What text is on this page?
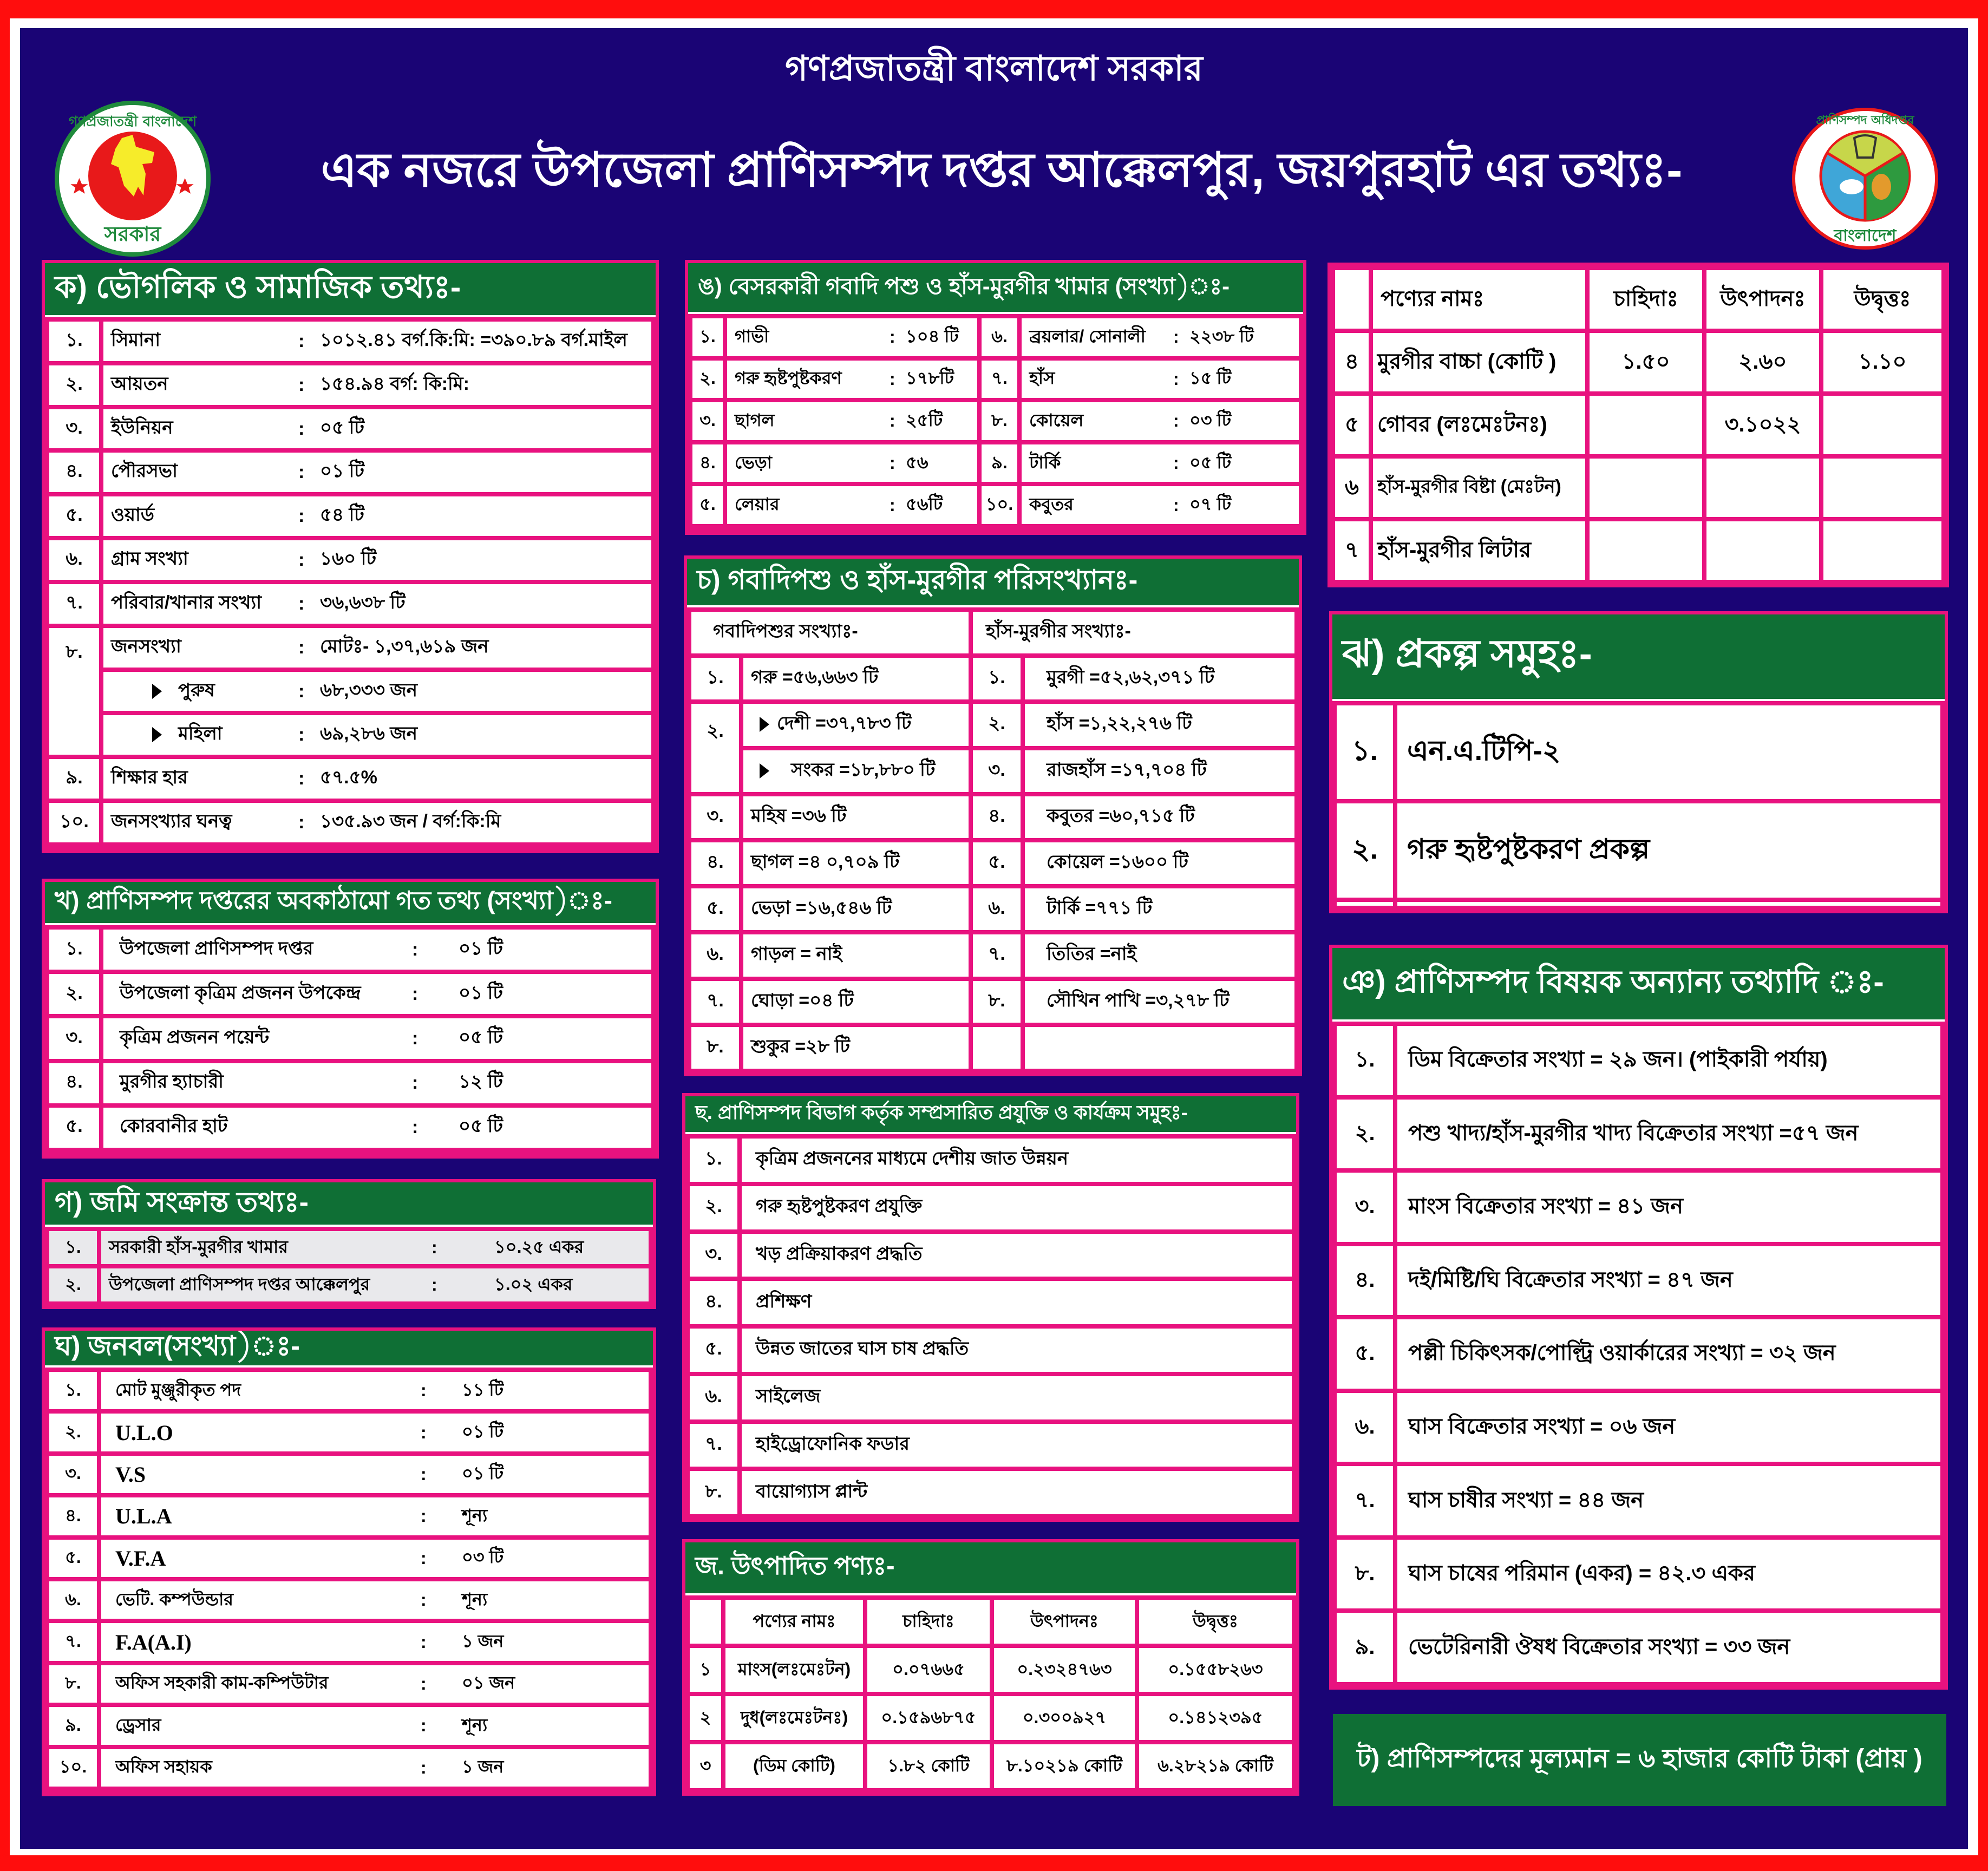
গণপ্রজাতন্ত্রী বাংলাদেশ সরকার
এক নজরে উপজেলা প্রাণিসম্পদ দপ্তর আক্কেলপুর, জয়পুরহাট এর তথ্যঃ-
সরকার
গণপ্রজাতন্ত্রী বাংলাদেশ	প্রাণিসম্পদ অধিদপ্তর
বাংলাদেশ
ক) ভৌগলিক ও সামাজিক তথ্যঃ-
১.	সিমানা	:	১০১২.৪১ বর্গ.কি:মি: =৩৯০.৮৯ বর্গ.মাইল
২.	আয়তন	:	১৫৪.৯৪ বর্গ: কি:মি:
৩.	ইউনিয়ন	:	০৫ টি
৪.	পৌরসভা	:	০১ টি
৫.	ওয়ার্ড	:	৫৪ টি
৬.	গ্রাম সংখ্যা	:	১৬০ টি
৭.	পরিবার/খানার সংখ্যা	:	৩৬,৬৩৮ টি
৮.	জনসংখ্যা	:	মোটঃ- ১,৩৭,৬১৯ জন
	পুরুষ	:	৬৮,৩৩৩ জন
	মহিলা	:	৬৯,২৮৬ জন
৯.	শিক্ষার হার	:	৫৭.৫%
১০.	জনসংখ্যার ঘনত্ব	:	১৩৫.৯৩ জন / বর্গ:কি:মি
খ) প্রাণিসম্পদ দপ্তরের অবকাঠামো গত তথ্য (সংখ্যা)ঃ-
১.	উপজেলা প্রাণিসম্পদ দপ্তর	:	০১ টি
২.	উপজেলা কৃত্রিম প্রজনন উপকেন্দ্র	:	০১ টি
৩.	কৃত্রিম প্রজনন পয়েন্ট	:	০৫ টি
৪.	মুরগীর হ্যাচারী	:	১২ টি
৫.	কোরবানীর হাট	:	০৫ টি
গ) জমি সংক্রান্ত তথ্যঃ-
১.	সরকারী হাঁস-মুরগীর খামার	:	১০.২৫ একর
২.	উপজেলা প্রাণিসম্পদ দপ্তর আক্কেলপুর	:	১.০২ একর
ঘ) জনবল(সংখ্যা)ঃ-
১.	মোট মুঞ্জুরীকৃত পদ	:	১১ টি
২.	U.L.O	:	০১ টি
৩.	V.S	:	০১ টি
৪.	U.L.A	:	শূন্য
৫.	V.F.A	:	০৩ টি
৬.	ভেটি. কম্পউন্ডার	:	শূন্য
৭.	F.A(A.I)	:	১ জন
৮.	অফিস সহকারী কাম-কম্পিউটার	:	০১ জন
৯.	ড্রেসার	:	শূন্য
১০.	অফিস সহায়ক	:	১ জন
ঙ) বেসরকারী গবাদি পশু ও হাঁস-মুরগীর খামার (সংখ্যা)ঃ-
১.	গাভী	:	১০৪ টি	৬.	ব্রয়লার/ সোনালী	:	২২৩৮ টি
২.	গরু হৃষ্টপুষ্টকরণ	:	১৭৮টি	৭.	হাঁস	:	১৫ টি
৩.	ছাগল	:	২৫টি	৮.	কোয়েল	:	০৩ টি
৪.	ভেড়া	:	৫৬	৯.	টার্কি	:	০৫ টি
৫.	লেয়ার	:	৫৬টি	১০.	কবুতর	:	০৭ টি
চ) গবাদিপশু ও হাঁস-মুরগীর পরিসংখ্যানঃ-
গবাদিপশুর সংখ্যাঃ-		হাঁস-মুরগীর সংখ্যাঃ-	
১.	গরু =৫৬,৬৬৩ টি	১.	মুরগী =৫২,৬২,৩৭১ টি
২.	দেশী =৩৭,৭৮৩ টি	২.	হাঁস =১,২২,২৭৬ টি
	সংকর =১৮,৮৮০ টি	৩.	রাজহাঁস =১৭,৭০৪ টি
৩.	মহিষ =৩৬ টি	৪.	কবুতর =৬০,৭১৫ টি
৪.	ছাগল =৪ ০,৭০৯ টি	৫.	কোয়েল =১৬০০ টি
৫.	ভেড়া =১৬,৫৪৬ টি	৬.	টার্কি =৭৭১ টি
৬.	গাড়ল = নাই	৭.	তিতির =নাই
৭.	ঘোড়া =০৪ টি	৮.	সৌখিন পাখি =৩,২৭৮ টি
৮.	শুকুর =২৮ টি		
ছ. প্রাণিসম্পদ বিভাগ কর্তৃক সম্প্রসারিত প্রযুক্তি ও কার্যক্রম সমুহঃ-
১.	কৃত্রিম প্রজননের মাধ্যমে দেশীয় জাত উন্নয়ন
২.	গরু হৃষ্টপুষ্টকরণ প্রযুক্তি
৩.	খড় প্রক্রিয়াকরণ প্রদ্ধতি
৪.	প্রশিক্ষণ
৫.	উন্নত জাতের ঘাস চাষ প্রদ্ধতি
৬.	সাইলেজ
৭.	হাইড্রোফোনিক ফডার
৮.	বায়োগ্যাস প্লান্ট
জ. উৎপাদিত পণ্যঃ-
	পণ্যের নামঃ	চাহিদাঃ	উৎপাদনঃ	উদ্বৃত্তঃ
১	মাংস(লঃমেঃটন)	০.০৭৬৬৫	০.২৩২৪৭৬৩	০.১৫৫৮২৬৩
২	দুধ(লঃমেঃটনঃ)	০.১৫৯৬৮৭৫	০.৩০০৯২৭	০.১৪১২৩৯৫
৩	(ডিম কোটি)	১.৮২ কোটি	৮.১০২১৯ কোটি	৬.২৮২১৯ কোটি
	পণ্যের নামঃ	চাহিদাঃ	উৎপাদনঃ	উদ্বৃত্তঃ
৪	মুরগীর বাচ্চা (কোটি )	১.৫০	২.৬০	১.১০
৫	গোবর (লঃমেঃটনঃ)		৩.১০২২	
৬	হাঁস-মুরগীর বিষ্টা (মেঃটন)			
৭	হাঁস-মুরগীর লিটার			
ঝ) প্রকল্প সমুহঃ-
১.	এন.এ.টিপি-২
২.	গরু হৃষ্টপুষ্টকরণ প্রকল্প

ঞ) প্রাণিসম্পদ বিষয়ক অন্যান্য তথ্যাদি ঃ-
১.	ডিম বিক্রেতার সংখ্যা = ২৯ জন। (পাইকারী পর্যায়)
২.	পশু খাদ্য/হাঁস-মুরগীর খাদ্য বিক্রেতার সংখ্যা =৫৭ জন
৩.	মাংস বিক্রেতার সংখ্যা = ৪১ জন
৪.	দই/মিষ্টি/ঘি বিক্রেতার সংখ্যা = ৪৭ জন
৫.	পল্লী চিকিৎসক/পোল্ট্রি ওয়ার্কারের সংখ্যা = ৩২ জন
৬.	ঘাস বিক্রেতার সংখ্যা = ০৬ জন
৭.	ঘাস চাষীর সংখ্যা = ৪৪ জন
৮.	ঘাস চাষের পরিমান (একর) = ৪২.৩ একর
৯.	ভেটেরিনারী ঔষধ বিক্রেতার সংখ্যা = ৩৩ জন
ট) প্রাণিসম্পদের মূল্যমান = ৬ হাজার কোটি টাকা (প্রায় )
